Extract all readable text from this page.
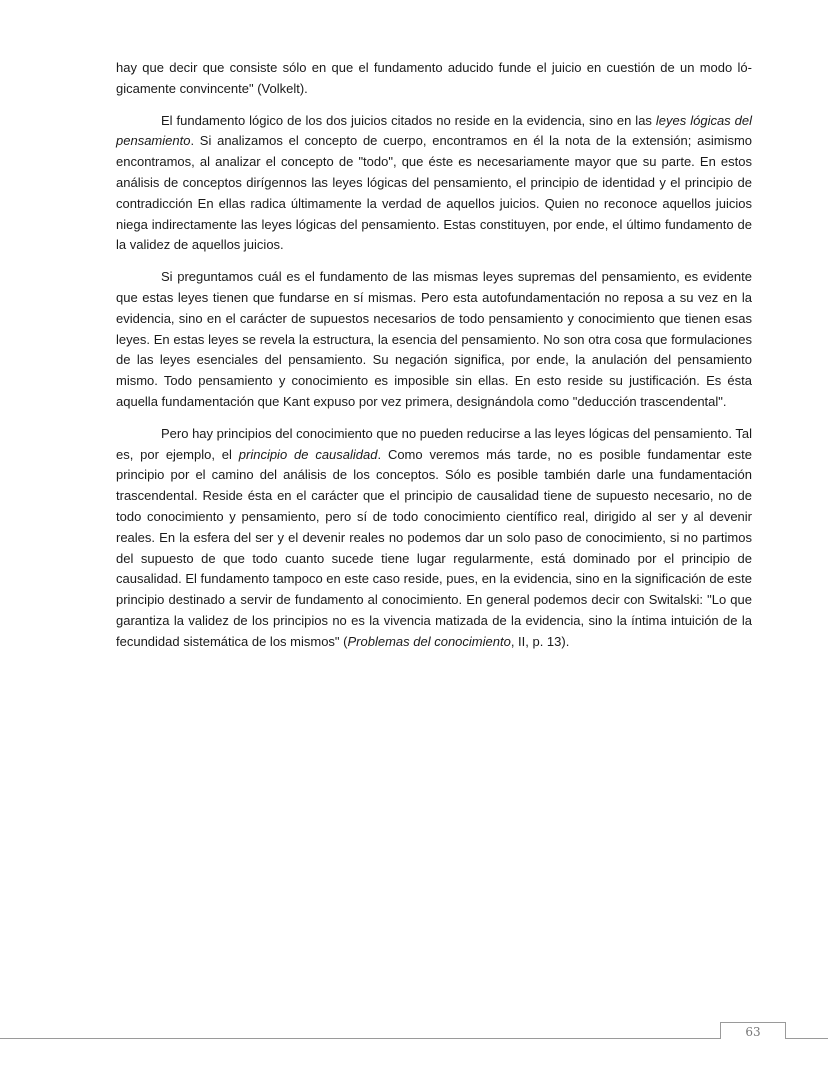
hay que decir que consiste sólo en que el fundamento aducido funde el juicio en cuestión de un modo lógicamente convincente" (Volkelt).

El fundamento lógico de los dos juicios citados no reside en la evidencia, sino en las leyes lógicas del pensamiento. Si analizamos el concepto de cuerpo, encontramos en él la nota de la extensión; asimismo encontramos, al analizar el concepto de "todo", que éste es necesariamente mayor que su parte. En estos análisis de conceptos dirígennos las leyes lógicas del pensamiento, el principio de identidad y el principio de contradicción En ellas radica últimamente la verdad de aquellos juicios. Quien no reconoce aquellos juicios niega indirectamente las leyes lógicas del pensamiento. Estas constituyen, por ende, el último fundamento de la validez de aquellos juicios.

Si preguntamos cuál es el fundamento de las mismas leyes supremas del pensamiento, es evidente que estas leyes tienen que fundarse en sí mismas. Pero esta autofundamentación no reposa a su vez en la evidencia, sino en el carácter de supuestos necesarios de todo pensamiento y conocimiento que tienen esas leyes. En estas leyes se revela la estructura, la esencia del pensamiento. No son otra cosa que formulaciones de las leyes esenciales del pensamiento. Su negación significa, por ende, la anulación del pensamiento mismo. Todo pensamiento y conocimiento es imposible sin ellas. En esto reside su justificación. Es ésta aquella fundamentación que Kant expuso por vez primera, designándola como "deducción trascendental".

Pero hay principios del conocimiento que no pueden reducirse a las leyes lógicas del pensamiento. Tal es, por ejemplo, el principio de causalidad. Como veremos más tarde, no es posible fundamentar este principio por el camino del análisis de los conceptos. Sólo es posible también darle una fundamentación trascendental. Reside ésta en el carácter que el principio de causalidad tiene de supuesto necesario, no de todo conocimiento y pensamiento, pero sí de todo conocimiento científico real, dirigido al ser y al devenir reales. En la esfera del ser y el devenir reales no podemos dar un solo paso de conocimiento, si no partimos del supuesto de que todo cuanto sucede tiene lugar regularmente, está dominado por el principio de causalidad. El fundamento tampoco en este caso reside, pues, en la evidencia, sino en la significación de este principio destinado a servir de fundamento al conocimiento. En general podemos decir con Switalski: "Lo que garantiza la validez de los principios no es la vivencia matizada de la evidencia, sino la íntima intuición de la fecundidad sistemática de los mismos" (Problemas del conocimiento, II, p. 13).

63
